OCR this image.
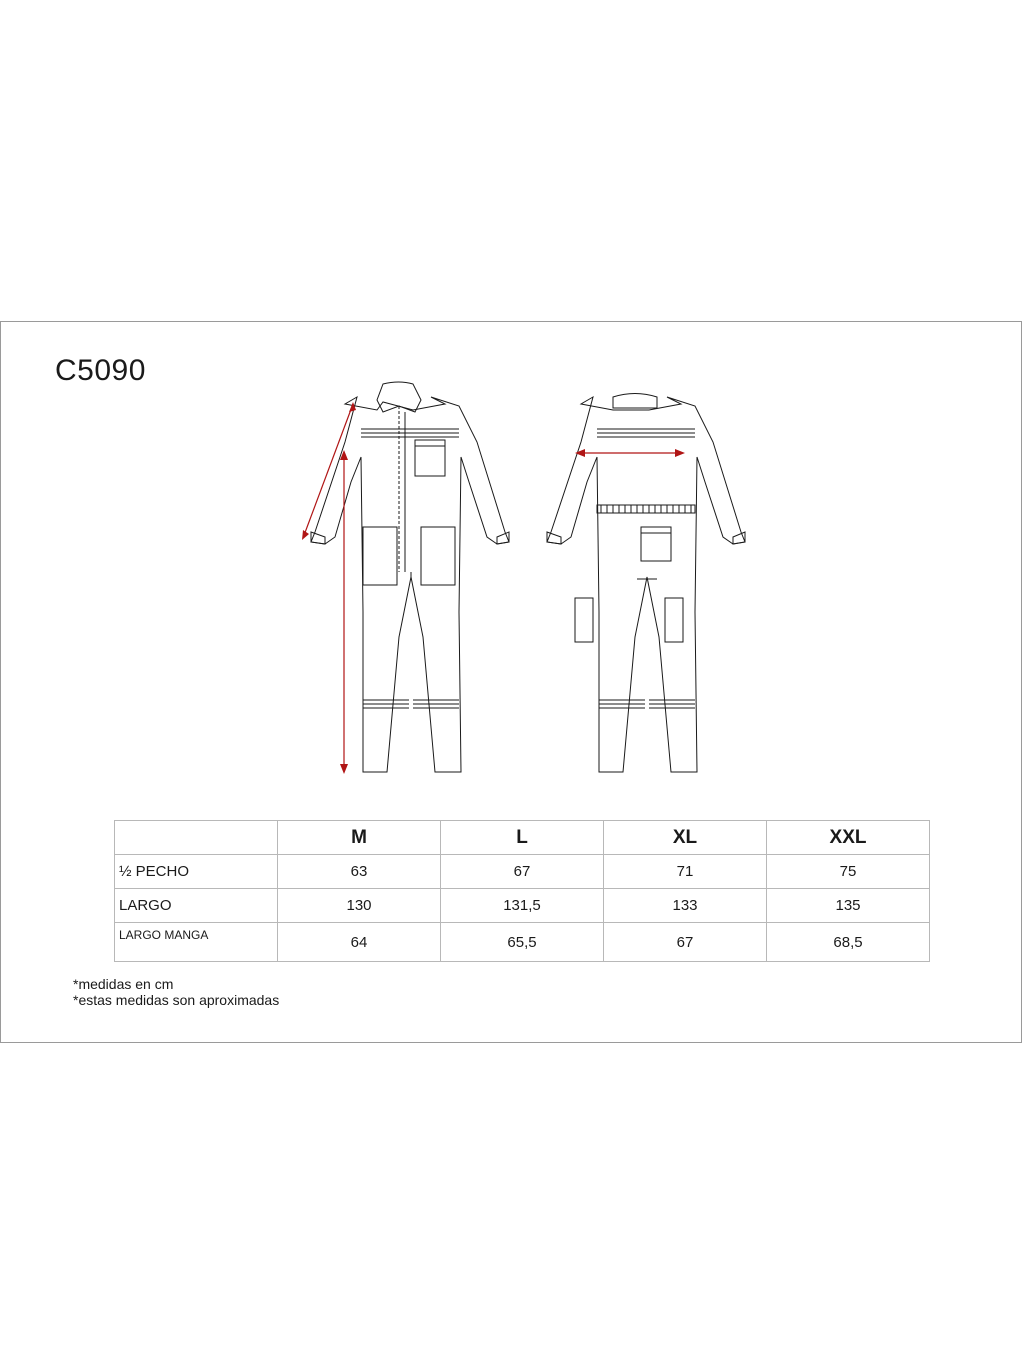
C5090
	M	L	XL	XXL
½ PECHO	63	67	71	75
LARGO	130	131,5	133	135
LARGO MANGA	64	65,5	67	68,5
*medidas en cm
*estas medidas son aproximadas
